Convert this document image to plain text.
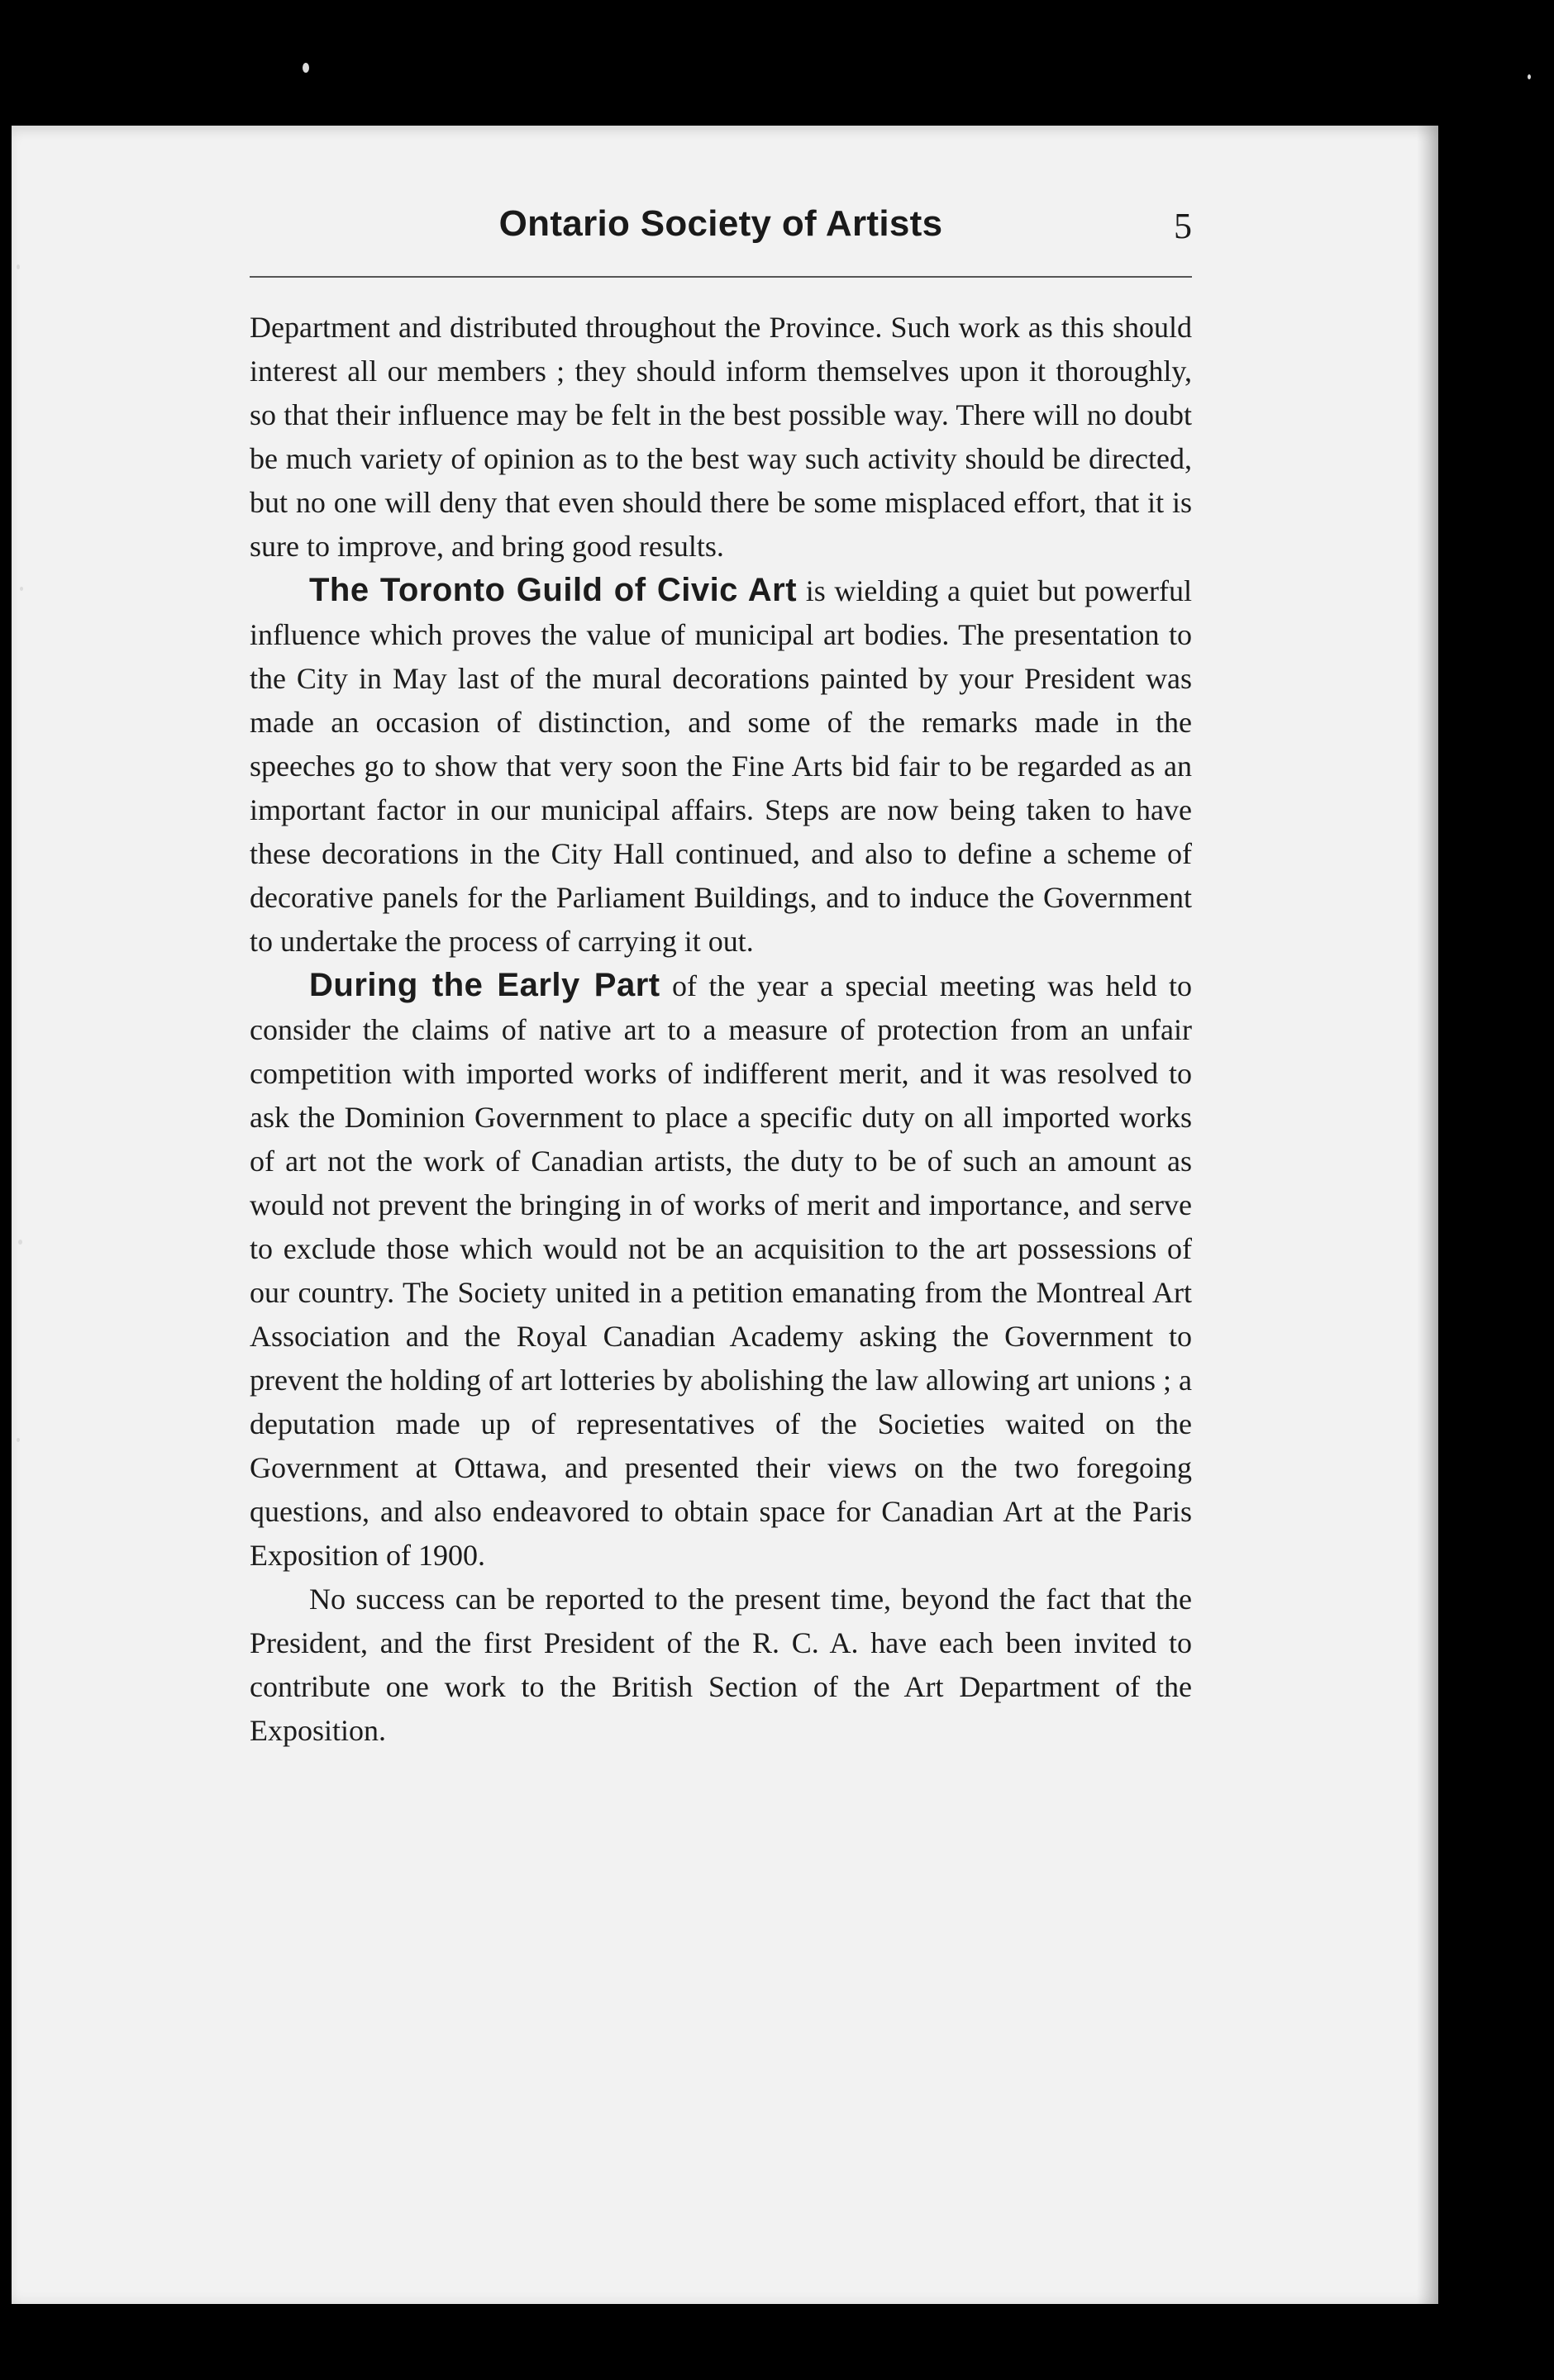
Ontario Society of Artists	5

Department and distributed throughout the Province. Such work as this should interest all our members ; they should inform themselves upon it thoroughly, so that their influence may be felt in the best possible way. There will no doubt be much variety of opinion as to the best way such activity should be directed, but no one will deny that even should there be some misplaced effort, that it is sure to improve, and bring good results.

The Toronto Guild of Civic Art is wielding a quiet but powerful influence which proves the value of municipal art bodies. The presentation to the City in May last of the mural decorations painted by your President was made an occasion of distinction, and some of the remarks made in the speeches go to show that very soon the Fine Arts bid fair to be regarded as an important factor in our municipal affairs. Steps are now being taken to have these decorations in the City Hall continued, and also to define a scheme of decorative panels for the Parliament Buildings, and to induce the Government to undertake the process of carrying it out.

During the Early Part of the year a special meeting was held to consider the claims of native art to a measure of protection from an unfair competition with imported works of indifferent merit, and it was resolved to ask the Dominion Government to place a specific duty on all imported works of art not the work of Canadian artists, the duty to be of such an amount as would not prevent the bringing in of works of merit and importance, and serve to exclude those which would not be an acquisition to the art possessions of our country. The Society united in a petition emanating from the Montreal Art Association and the Royal Canadian Academy asking the Government to prevent the holding of art lotteries by abolishing the law allowing art unions ; a deputation made up of representatives of the Societies waited on the Government at Ottawa, and presented their views on the two foregoing questions, and also endeavored to obtain space for Canadian Art at the Paris Exposition of 1900.

No success can be reported to the present time, beyond the fact that the President, and the first President of the R. C. A. have each been invited to contribute one work to the British Section of the Art Department of the Exposition.
